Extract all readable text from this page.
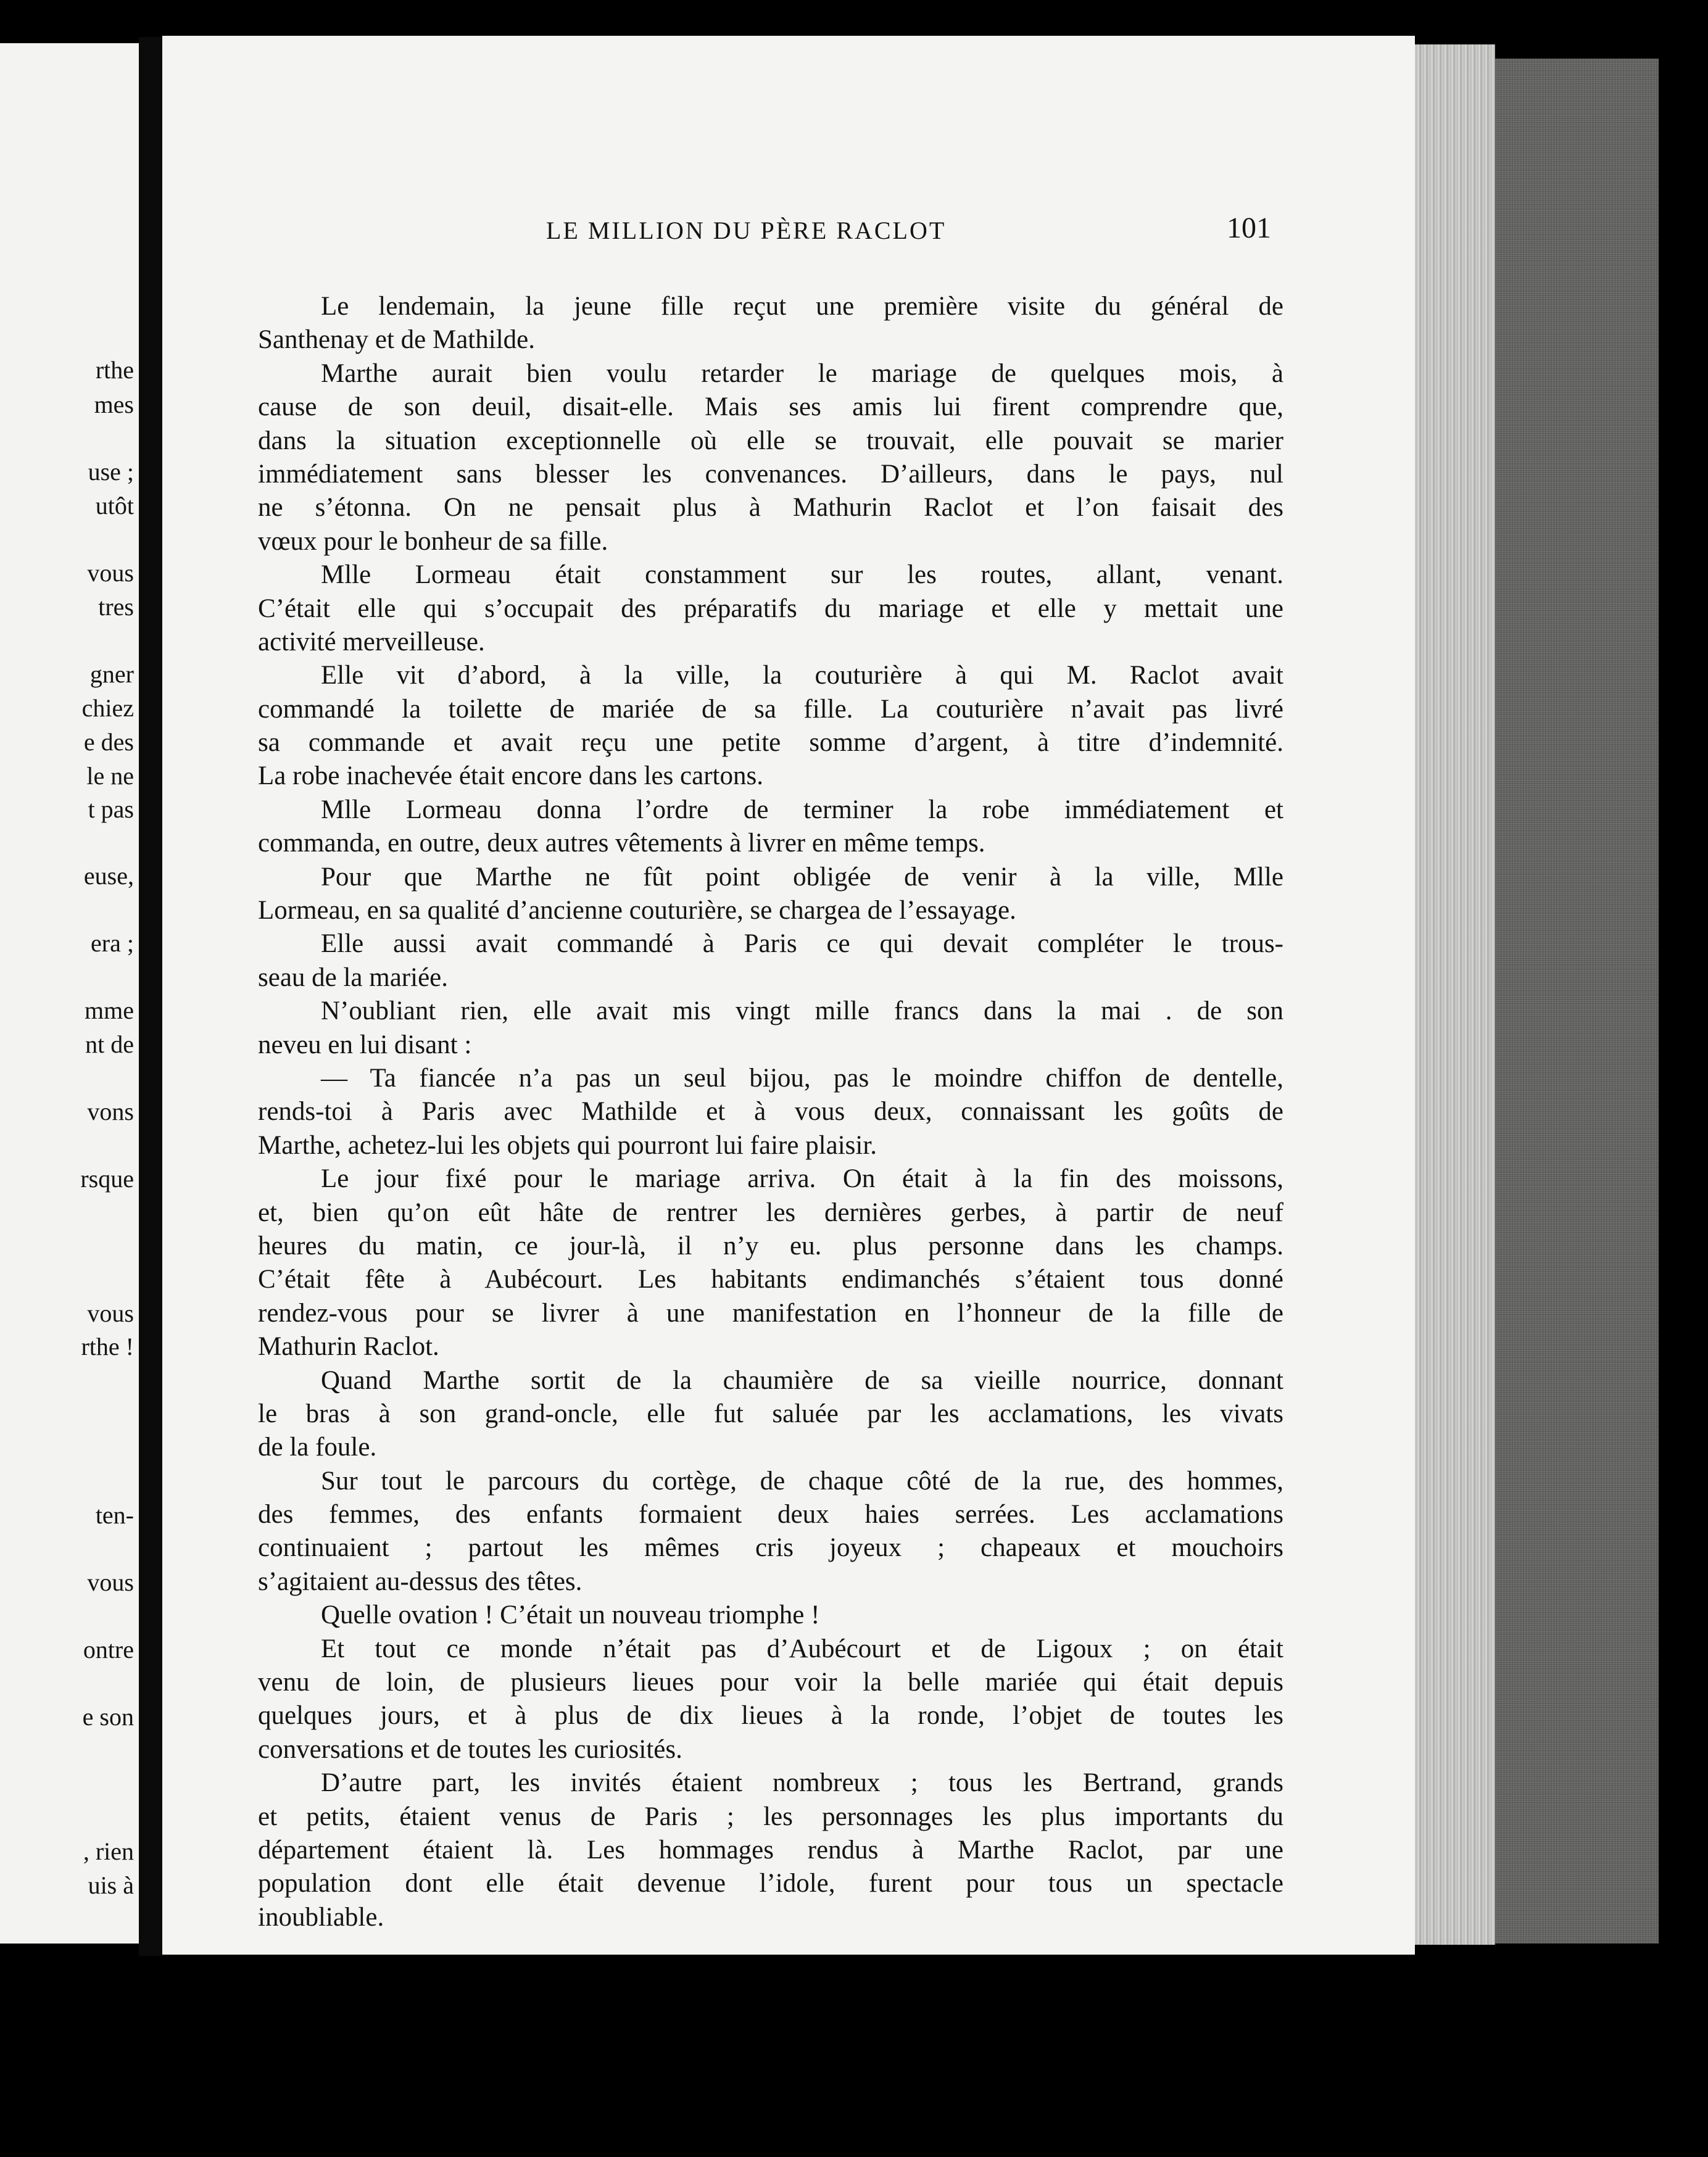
rthe
mes
use ;
utôt
vous
tres
gner
chiez
e des
le ne
t pas
euse,
era ;
mme
nt de
vons
rsque
vous
rthe !
ten-
vous
ontre
e son
, rien
uis à
LE MILLION DU PÈRE RACLOT	101
Le lendemain, la jeune fille reçut une première visite du général de
Santhenay et de Mathilde.
Marthe aurait bien voulu retarder le mariage de quelques mois, à
cause de son deuil, disait-elle. Mais ses amis lui firent comprendre que,
dans la situation exceptionnelle où elle se trouvait, elle pouvait se marier
immédiatement sans blesser les convenances. D’ailleurs, dans le pays, nul
ne s’étonna. On ne pensait plus à Mathurin Raclot et l’on faisait des
vœux pour le bonheur de sa fille.
Mlle Lormeau était constamment sur les routes, allant, venant.
C’était elle qui s’occupait des préparatifs du mariage et elle y mettait une
activité merveilleuse.
Elle vit d’abord, à la ville, la couturière à qui M. Raclot avait
commandé la toilette de mariée de sa fille. La couturière n’avait pas livré
sa commande et avait reçu une petite somme d’argent, à titre d’indemnité.
La robe inachevée était encore dans les cartons.
Mlle Lormeau donna l’ordre de terminer la robe immédiatement et
commanda, en outre, deux autres vêtements à livrer en même temps.
Pour que Marthe ne fût point obligée de venir à la ville, Mlle
Lormeau, en sa qualité d’ancienne couturière, se chargea de l’essayage.
Elle aussi avait commandé à Paris ce qui devait compléter le trous-
seau de la mariée.
N’oubliant rien, elle avait mis vingt mille francs dans la mai . de son
neveu en lui disant :
— Ta fiancée n’a pas un seul bijou, pas le moindre chiffon de dentelle,
rends-toi à Paris avec Mathilde et à vous deux, connaissant les goûts de
Marthe, achetez-lui les objets qui pourront lui faire plaisir.
Le jour fixé pour le mariage arriva. On était à la fin des moissons,
et, bien qu’on eût hâte de rentrer les dernières gerbes, à partir de neuf
heures du matin, ce jour-là, il n’y eu. plus personne dans les champs.
C’était fête à Aubécourt. Les habitants endimanchés s’étaient tous donné
rendez-vous pour se livrer à une manifestation en l’honneur de la fille de
Mathurin Raclot.
Quand Marthe sortit de la chaumière de sa vieille nourrice, donnant
le bras à son grand-oncle, elle fut saluée par les acclamations, les vivats
de la foule.
Sur tout le parcours du cortège, de chaque côté de la rue, des hommes,
des femmes, des enfants formaient deux haies serrées. Les acclamations
continuaient ; partout les mêmes cris joyeux ; chapeaux et mouchoirs
s’agitaient au-dessus des têtes.
Quelle ovation ! C’était un nouveau triomphe !
Et tout ce monde n’était pas d’Aubécourt et de Ligoux ; on était
venu de loin, de plusieurs lieues pour voir la belle mariée qui était depuis
quelques jours, et à plus de dix lieues à la ronde, l’objet de toutes les
conversations et de toutes les curiosités.
D’autre part, les invités étaient nombreux ; tous les Bertrand, grands
et petits, étaient venus de Paris ; les personnages les plus importants du
département étaient là. Les hommages rendus à Marthe Raclot, par une
population dont elle était devenue l’idole, furent pour tous un spectacle
inoubliable.
